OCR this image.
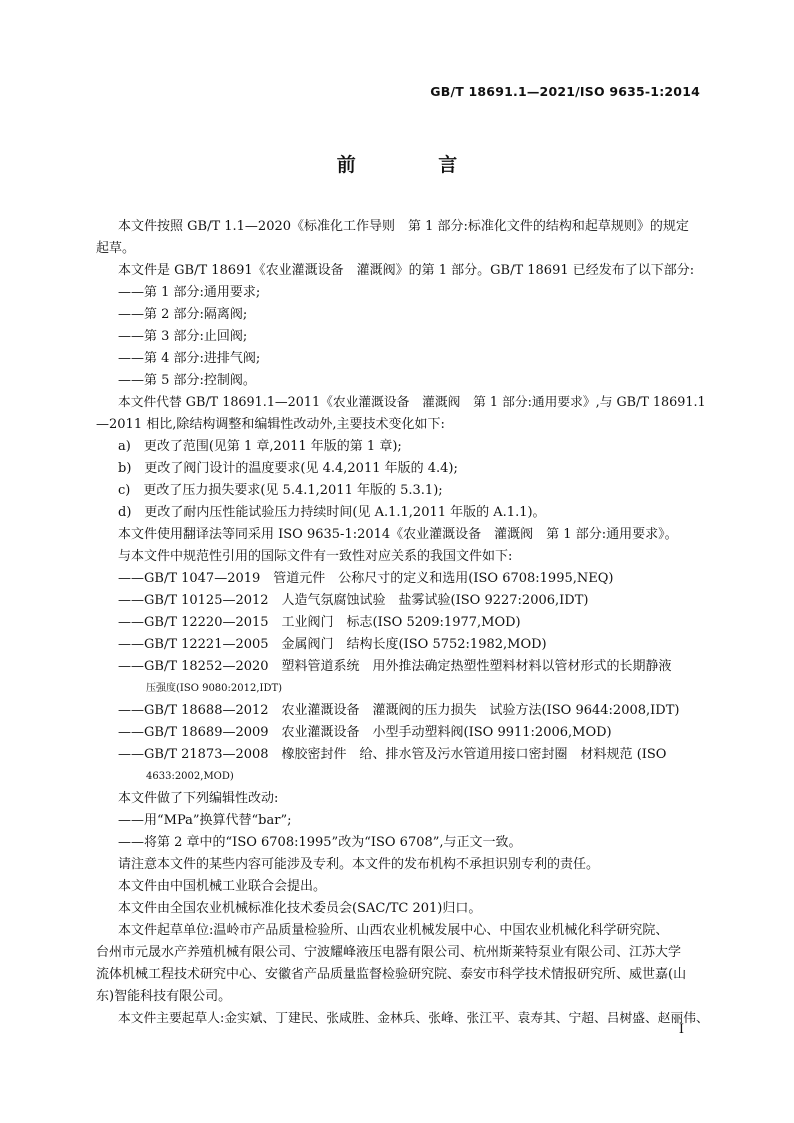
GB/T 18691.1—2021/ISO 9635-1:2014
前 言
本文件按照 GB/T 1.1—2020《标准化工作导则　第 1 部分:标准化文件的结构和起草规则》的规定
起草。
本文件是 GB/T 18691《农业灌溉设备　灌溉阀》的第 1 部分。GB/T 18691 已经发布了以下部分:
——第 1 部分:通用要求;
——第 2 部分:隔离阀;
——第 3 部分:止回阀;
——第 4 部分:进排气阀;
——第 5 部分:控制阀。
本文件代替 GB/T 18691.1—2011《农业灌溉设备　灌溉阀　第 1 部分:通用要求》,与 GB/T 18691.1
—2011 相比,除结构调整和编辑性改动外,主要技术变化如下:
a)　更改了范围(见第 1 章,2011 年版的第 1 章);
b)　更改了阀门设计的温度要求(见 4.4,2011 年版的 4.4);
c)　更改了压力损失要求(见 5.4.1,2011 年版的 5.3.1);
d)　更改了耐内压性能试验压力持续时间(见 A.1.1,2011 年版的 A.1.1)。
本文件使用翻译法等同采用 ISO 9635-1:2014《农业灌溉设备　灌溉阀　第 1 部分:通用要求》。
与本文件中规范性引用的国际文件有一致性对应关系的我国文件如下:
——GB/T 1047—2019　管道元件　公称尺寸的定义和选用(ISO 6708:1995,NEQ)
——GB/T 10125—2012　人造气氛腐蚀试验　盐雾试验(ISO 9227:2006,IDT)
——GB/T 12220—2015　工业阀门　标志(ISO 5209:1977,MOD)
——GB/T 12221—2005　金属阀门　结构长度(ISO 5752:1982,MOD)
——GB/T 18252—2020　塑料管道系统　用外推法确定热塑性塑料材料以管材形式的长期静液
压强度(ISO 9080:2012,IDT)
——GB/T 18688—2012　农业灌溉设备　灌溉阀的压力损失　试验方法(ISO 9644:2008,IDT)
——GB/T 18689—2009　农业灌溉设备　小型手动塑料阀(ISO 9911:2006,MOD)
——GB/T 21873—2008　橡胶密封件　给、排水管及污水管道用接口密封圈　材料规范 (ISO
4633:2002,MOD)
本文件做了下列编辑性改动:
——用“MPa”换算代替“bar”;
——将第 2 章中的“ISO 6708:1995”改为“ISO 6708”,与正文一致。
请注意本文件的某些内容可能涉及专利。本文件的发布机构不承担识别专利的责任。
本文件由中国机械工业联合会提出。
本文件由全国农业机械标准化技术委员会(SAC/TC 201)归口。
本文件起草单位:温岭市产品质量检验所、山西农业机械发展中心、中国农业机械化科学研究院、
台州市元晟水产养殖机械有限公司、宁波耀峰液压电器有限公司、杭州斯莱特泵业有限公司、江苏大学
流体机械工程技术研究中心、安徽省产品质量监督检验研究院、泰安市科学技术情报研究所、威世嘉(山
东)智能科技有限公司。
本文件主要起草人:金实斌、丁建民、张咸胜、金林兵、张峰、张江平、袁寿其、宁超、吕树盛、赵丽伟、
I
